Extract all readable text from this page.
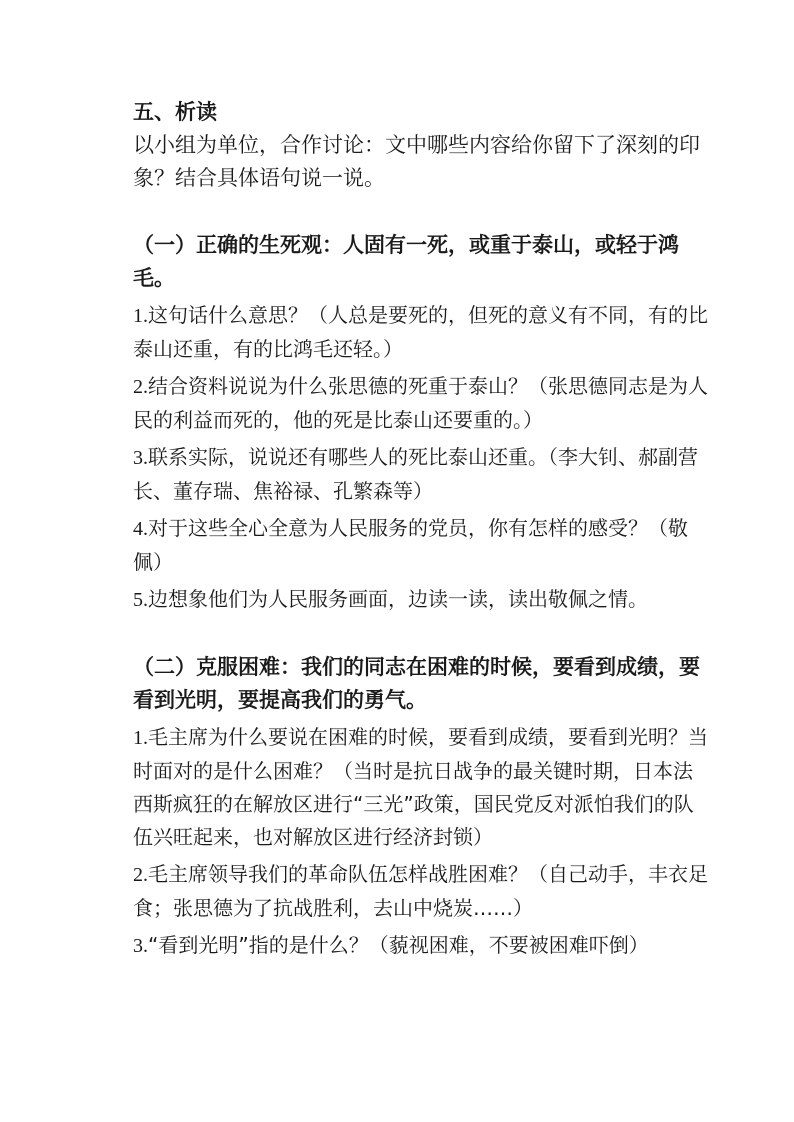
五、析读

以小组为单位，合作讨论：文中哪些内容给你留下了深刻的印象？结合具体语句说一说。

（一）正确的生死观：人固有一死，或重于泰山，或轻于鸿毛。

1.这句话什么意思？（人总是要死的，但死的意义有不同，有的比泰山还重，有的比鸿毛还轻。）

2.结合资料说说为什么张思德的死重于泰山？（张思德同志是为人民的利益而死的，他的死是比泰山还要重的。）

3.联系实际，说说还有哪些人的死比泰山还重。（李大钊、郝副营长、董存瑞、焦裕禄、孔繁森等）

4.对于这些全心全意为人民服务的党员，你有怎样的感受？（敬佩）

5.边想象他们为人民服务画面，边读一读，读出敬佩之情。

（二）克服困难：我们的同志在困难的时候，要看到成绩，要看到光明，要提高我们的勇气。

1.毛主席为什么要说在困难的时候，要看到成绩，要看到光明？当时面对的是什么困难？（当时是抗日战争的最关键时期，日本法西斯疯狂的在解放区进行“三光”政策，国民党反对派怕我们的队伍兴旺起来，也对解放区进行经济封锁）

2.毛主席领导我们的革命队伍怎样战胜困难？（自己动手，丰衣足食；张思德为了抗战胜利，去山中烧炭……）

3.“看到光明”指的是什么？（藐视困难，不要被困难吓倒）
